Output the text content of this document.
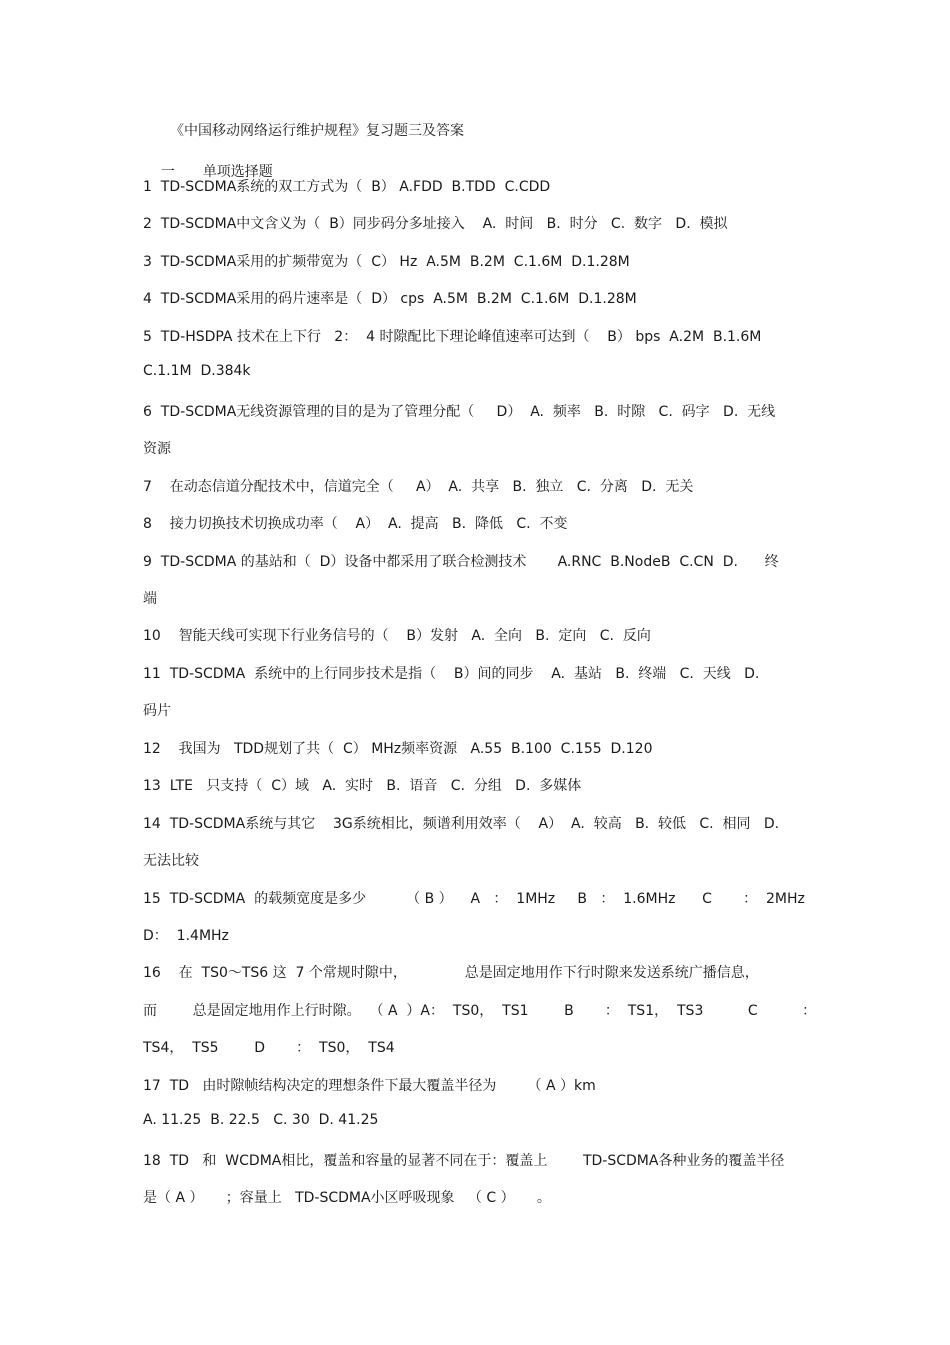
《中国移动网络运行维护规程》复习题三及答案

一 单项选择题

1  TD-SCDMA系统的双工方式为（  B） A.FDD  B.TDD  C.CDD
2  TD-SCDMA中文含义为（  B）同步码分多址接入    A.  时间   B.  时分   C.  数字   D.  模拟
3  TD-SCDMA采用的扩频带宽为（  C） Hz  A.5M  B.2M  C.1.6M  D.1.28M
4  TD-SCDMA采用的码片速率是（  D） cps  A.5M  B.2M  C.1.6M  D.1.28M
5  TD-HSDPA 技术在上下行   2：  4 时隙配比下理论峰值速率可达到（    B） bps  A.2M  B.1.6M
C.1.1M  D.384k
6  TD-SCDMA无线资源管理的目的是为了管理分配（     D）  A.  频率   B.  时隙   C.  码字   D.  无线
资源
7    在动态信道分配技术中，信道完全（     A）  A.  共享   B.  独立   C.  分离   D.  无关
8    接力切换技术切换成功率（    A）  A.  提高   B.  降低   C.  不变
9  TD-SCDMA 的基站和（  D）设备中都采用了联合检测技术       A.RNC  B.NodeB  C.CN  D.      终
端
10    智能天线可实现下行业务信号的（    B）发射   A.  全向   B.  定向   C.  反向
11  TD-SCDMA  系统中的上行同步技术是指（    B）间的同步    A.  基站   B.  终端   C.  天线   D.
码片
12    我国为   TDD规划了共（  C） MHz频率资源   A.55  B.100  C.155  D.120
13  LTE   只支持（  C）域   A.  实时   B.  语音   C.  分组   D.  多媒体
14  TD-SCDMA系统与其它    3G系统相比，频谱利用效率（    A）  A.  较高   B.  较低   C.  相同   D.
无法比较
15  TD-SCDMA  的载频宽度是多少         （ B ）    A   ：  1MHz     B   ：  1.6MHz      C       ：  2MHz
D：  1.4MHz
16    在  TS0～TS6 这  7 个常规时隙中，             总是固定地用作下行时隙来发送系统广播信息，
而        总是固定地用作上行时隙。  （ A  ）A：  TS0，  TS1        B       ：  TS1，  TS3          C          ：
TS4，  TS5        D       ：  TS0，  TS4
17  TD   由时隙帧结构决定的理想条件下最大覆盖半径为       （ A ）km
A. 11.25  B. 22.5   C. 30  D. 41.25
18  TD   和  WCDMA相比，覆盖和容量的显著不同在于：覆盖上        TD-SCDMA各种业务的覆盖半径
是（ A ）     ；容量上   TD-SCDMA小区呼吸现象   （ C ）     。
